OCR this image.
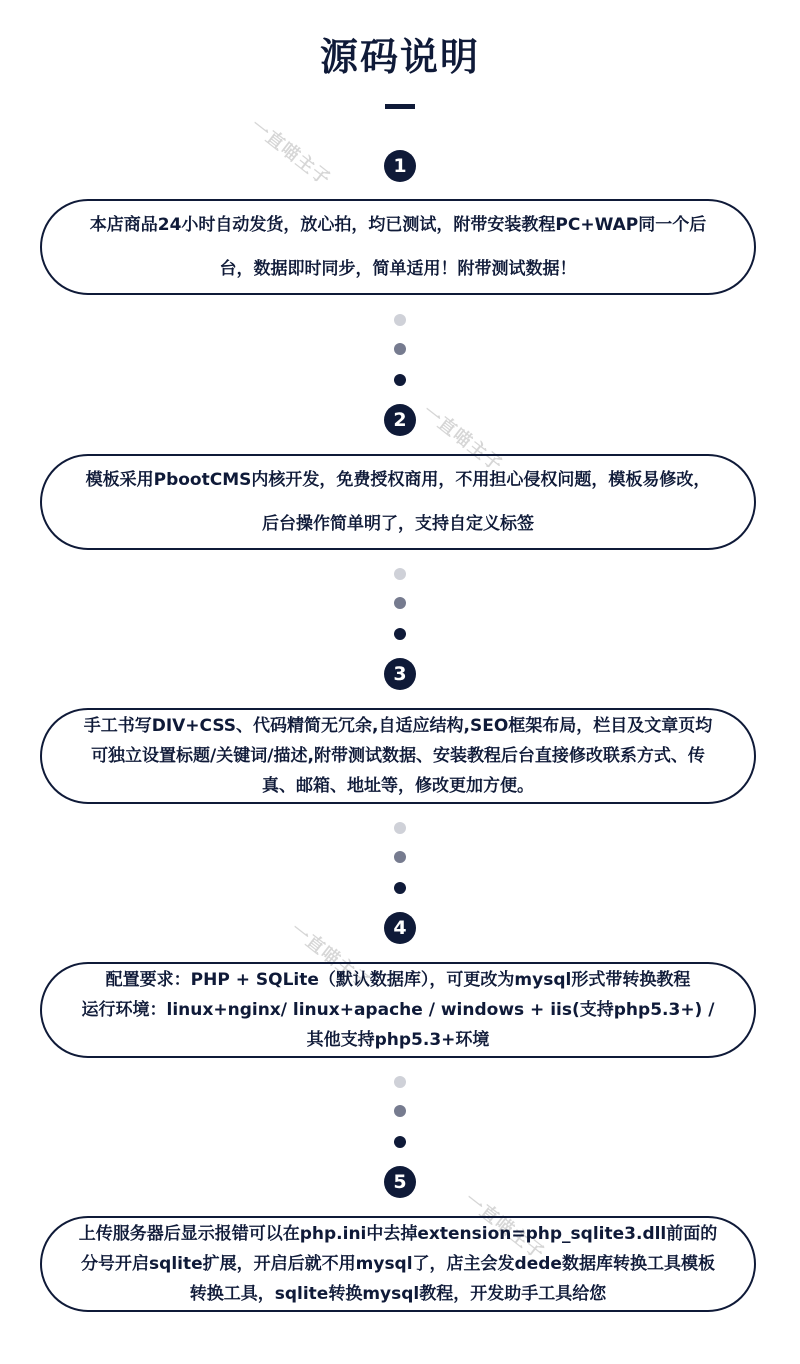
源码说明
一直喵主子
一直喵主子
一直喵主子
一直喵主子
1
本店商品24小时自动发货，放心拍，均已测试，附带安装教程PC+WAP同一个后台，数据即时同步，简单适用！附带测试数据！
2
模板采用PbootCMS内核开发，免费授权商用，不用担心侵权问题，模板易修改，后台操作简单明了，支持自定义标签
3
手工书写DIV+CSS、代码精简无冗余,自适应结构,SEO框架布局，栏目及文章页均可独立设置标题/关键词/描述,附带测试数据、安装教程后台直接修改联系方式、传真、邮箱、地址等，修改更加方便。
4
配置要求：PHP + SQLite（默认数据库），可更改为mysql形式带转换教程
运行环境：linux+nginx/ linux+apache / windows + iis(支持php5.3+) /
其他支持php5.3+环境
5
上传服务器后显示报错可以在php.ini中去掉extension=php_sqlite3.dll前面的分号开启sqlite扩展，开启后就不用mysql了，店主会发dede数据库转换工具模板转换工具，sqlite转换mysql教程，开发助手工具给您
